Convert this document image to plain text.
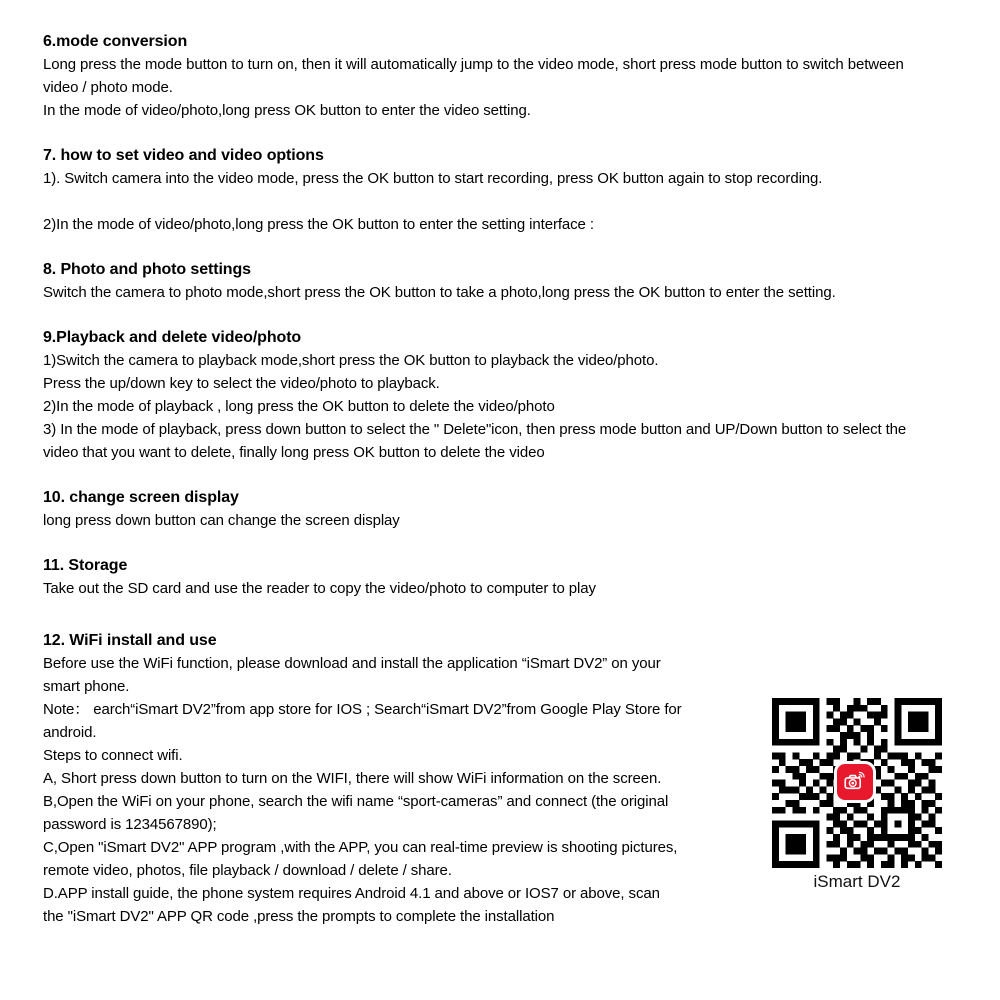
6.mode conversion
Long press the mode button to turn on, then it will automatically jump to the video mode, short press mode button to switch between
video / photo mode.
In the mode of video/photo,long press OK button to enter the video setting.
7. how to set video and video options
1). Switch camera into the video mode, press the OK button to start recording, press OK button again to stop recording.

2)In the mode of video/photo,long press the OK button to enter the setting interface :
8. Photo and photo settings
Switch the camera to photo mode,short press the OK button to take a photo,long press the OK button to enter the setting.
9.Playback and delete video/photo
1)Switch the camera to playback mode,short press the OK button to playback the video/photo.
Press the up/down key to select the video/photo to playback.
2)In the mode of playback , long press the OK button to delete the video/photo
3) In the mode of playback, press down button to select the " Delete"icon, then press mode button and UP/Down button to select the
video that you want to delete, finally long press OK button to delete the video
10. change screen display
long press down button can change the screen display
11. Storage
Take out the SD card and use the reader to copy the video/photo to computer to play
12. WiFi install and use
Before use the WiFi function, please download and install the application “iSmart DV2” on your
smart phone.
Note： earch“iSmart DV2”from app store for IOS ; Search“iSmart DV2”from Google Play Store for
android.
Steps to connect wifi.
A, Short press down button to turn on the WIFI, there will show WiFi information on the screen.
B,Open the WiFi on your phone, search the wifi name “sport-cameras” and connect (the original
password is 1234567890);
C,Open "iSmart DV2" APP program ,with the APP, you can real-time preview is shooting pictures,
remote video, photos, file playback / download / delete / share.
D.APP install guide, the phone system requires Android 4.1 and above or IOS7 or above, scan
the "iSmart DV2" APP QR code ,press the prompts to complete the installation
iSmart DV2
